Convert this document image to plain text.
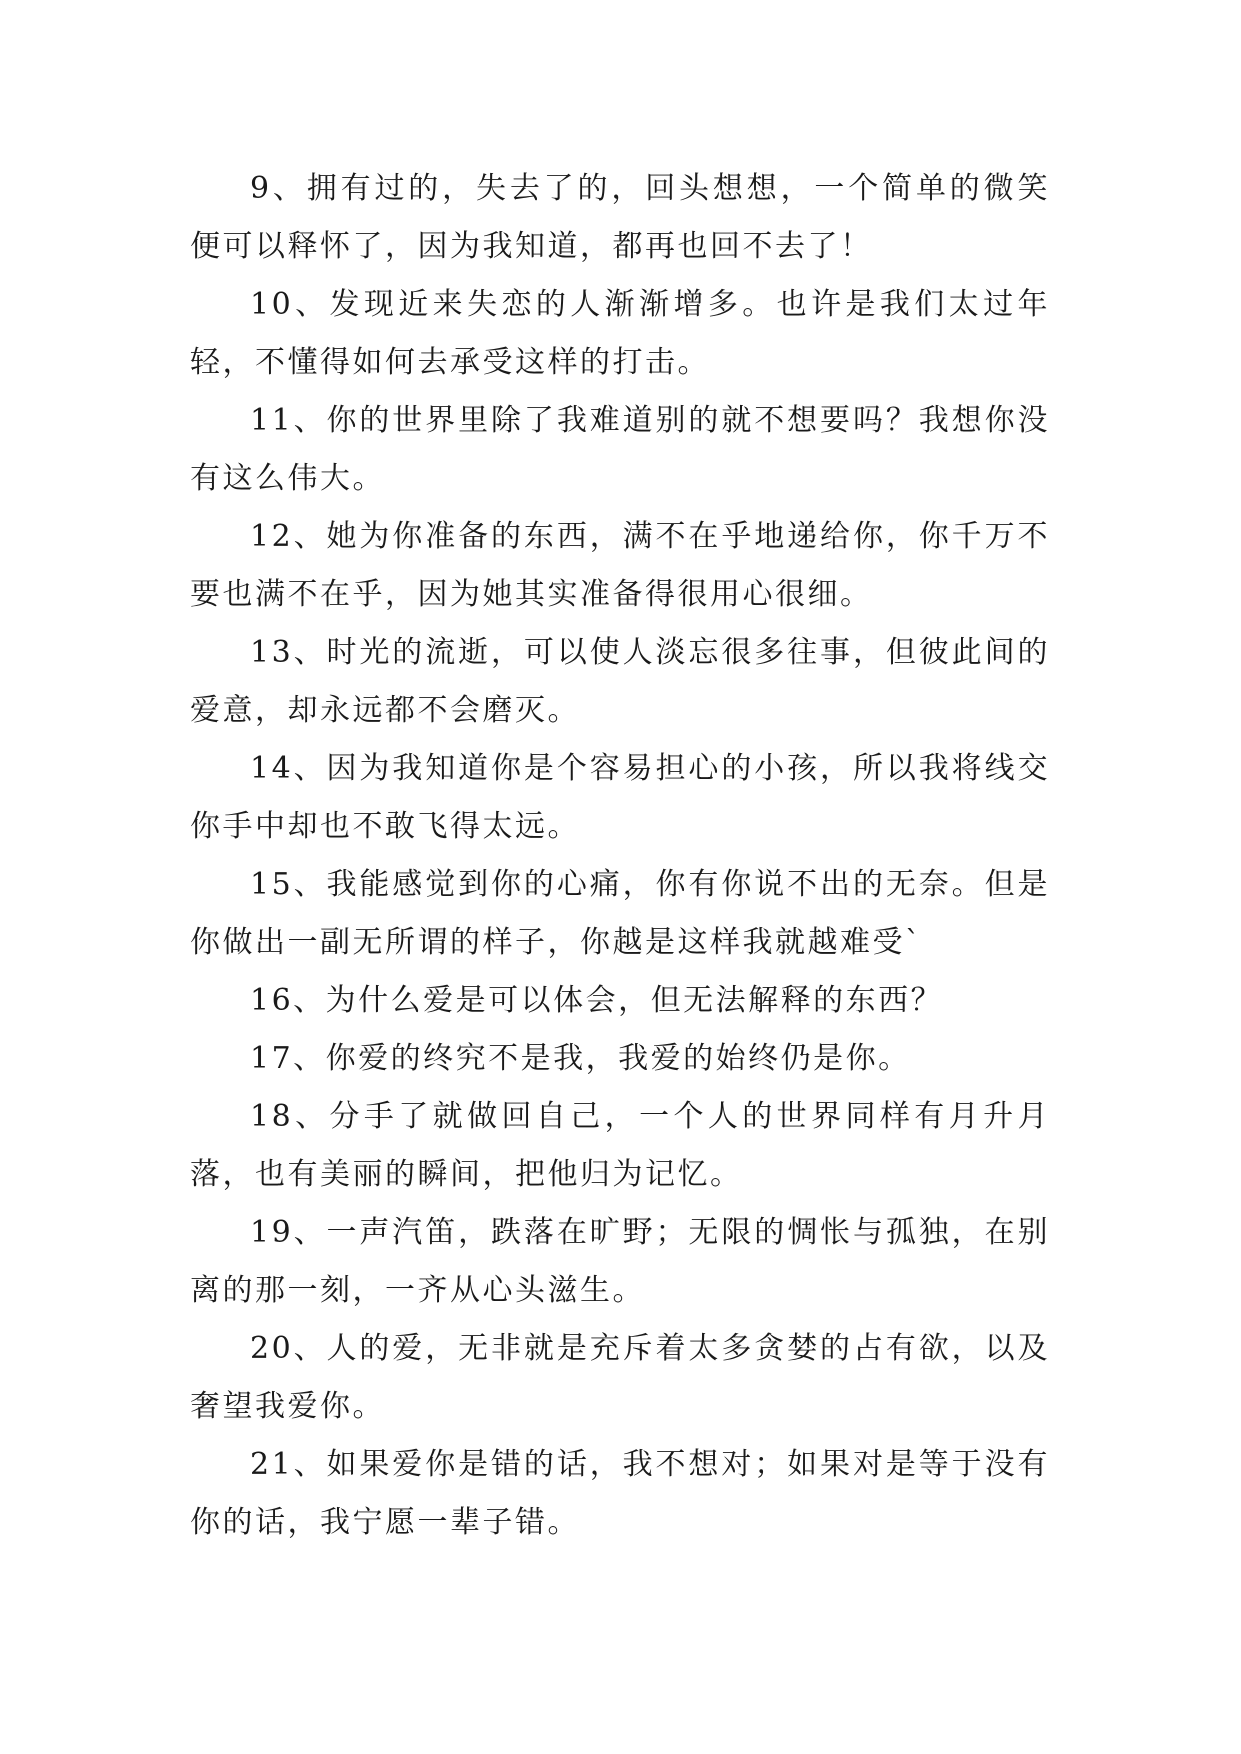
9、拥有过的，失去了的，回头想想，一个简单的微笑便可以释怀了，因为我知道，都再也回不去了！

10、发现近来失恋的人渐渐增多。也许是我们太过年轻，不懂得如何去承受这样的打击。

11、你的世界里除了我难道别的就不想要吗？我想你没有这么伟大。

12、她为你准备的东西，满不在乎地递给你，你千万不要也满不在乎，因为她其实准备得很用心很细。

13、时光的流逝，可以使人淡忘很多往事，但彼此间的爱意，却永远都不会磨灭。

14、因为我知道你是个容易担心的小孩，所以我将线交你手中却也不敢飞得太远。

15、我能感觉到你的心痛，你有你说不出的无奈。但是你做出一副无所谓的样子，你越是这样我就越难受`

16、为什么爱是可以体会，但无法解释的东西？

17、你爱的终究不是我，我爱的始终仍是你。

18、分手了就做回自己，一个人的世界同样有月升月落，也有美丽的瞬间，把他归为记忆。

19、一声汽笛，跌落在旷野；无限的惆怅与孤独，在别离的那一刻，一齐从心头滋生。

20、人的爱，无非就是充斥着太多贪婪的占有欲，以及奢望我爱你。

21、如果爱你是错的话，我不想对；如果对是等于没有你的话，我宁愿一辈子错。
